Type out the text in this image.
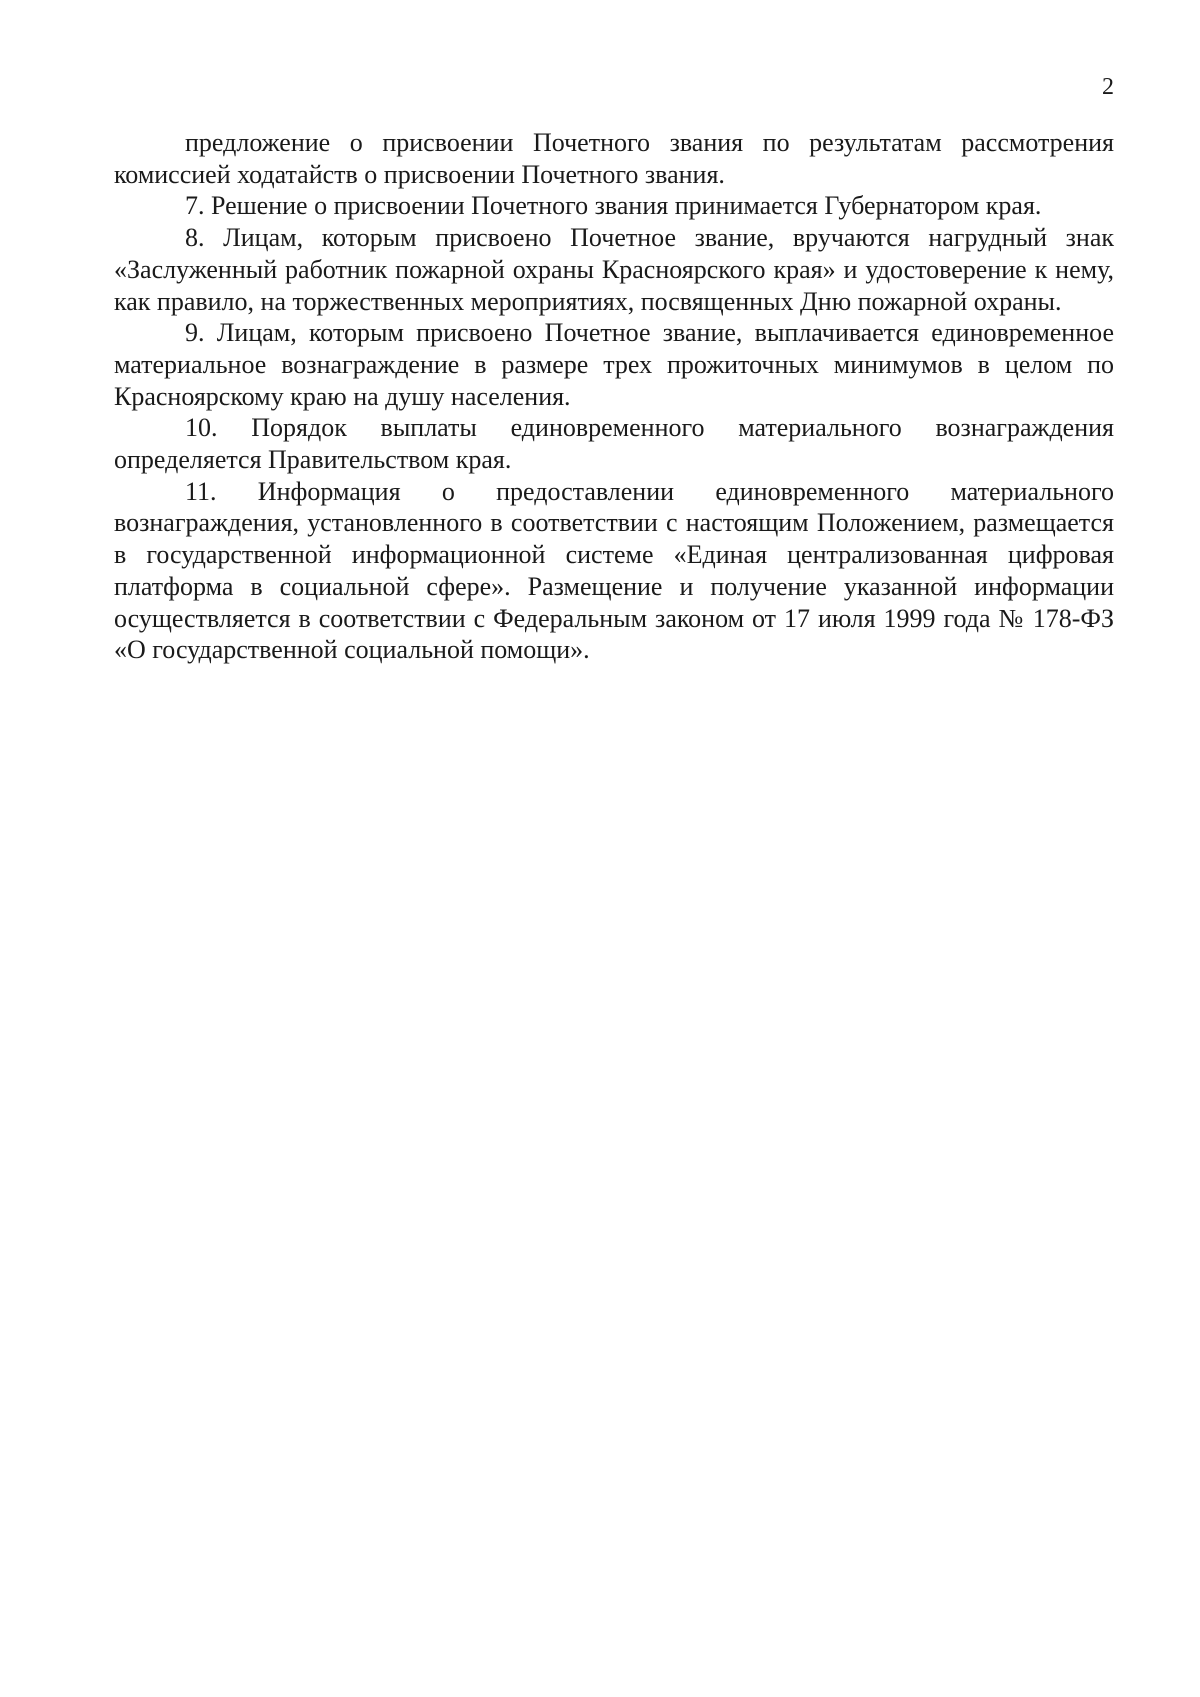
2

предложение о присвоении Почетного звания по результатам рассмотрения комиссией ходатайств о присвоении Почетного звания.

7. Решение о присвоении Почетного звания принимается Губернатором края.

8. Лицам, которым присвоено Почетное звание, вручаются нагрудный знак «Заслуженный работник пожарной охраны Красноярского края» и удостоверение к нему, как правило, на торжественных мероприятиях, посвященных Дню пожарной охраны.

9. Лицам, которым присвоено Почетное звание, выплачивается единовременное материальное вознаграждение в размере трех прожиточных минимумов в целом по Красноярскому краю на душу населения.

10. Порядок выплаты единовременного материального вознаграждения определяется Правительством края.

11. Информация о предоставлении единовременного материального вознаграждения, установленного в соответствии с настоящим Положением, размещается в государственной информационной системе «Единая централизованная цифровая платформа в социальной сфере». Размещение и получение указанной информации осуществляется в соответствии с Федеральным законом от 17 июля 1999 года № 178-ФЗ «О государственной социальной помощи».
